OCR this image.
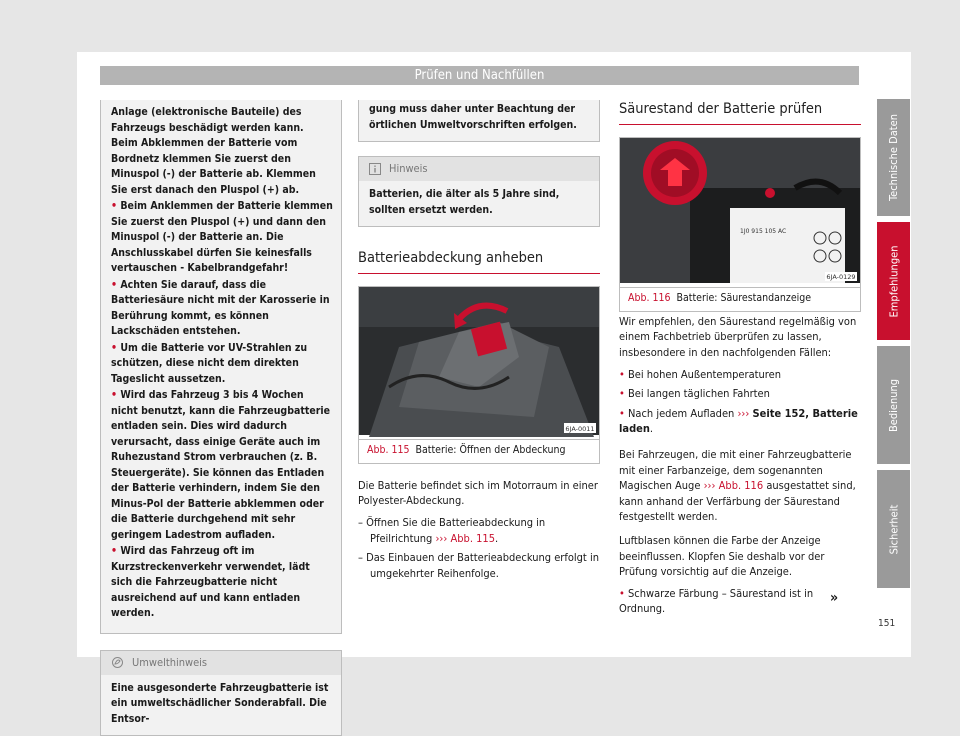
Prüfen und Nachfüllen

Anlage (elektronische Bauteile) des Fahrzeugs beschädigt werden kann. Beim Abklemmen der Batterie vom Bordnetz klemmen Sie zuerst den Minuspol (-) der Batterie ab. Klemmen Sie erst danach den Pluspol (+) ab.

• Beim Anklemmen der Batterie klemmen Sie zuerst den Pluspol (+) und dann den Minuspol (-) der Batterie an. Die Anschlusskabel dürfen Sie keinesfalls vertauschen - Kabelbrandgefahr!

• Achten Sie darauf, dass die Batteriesäure nicht mit der Karosserie in Berührung kommt, es können Lackschäden entstehen.

• Um die Batterie vor UV-Strahlen zu schützen, diese nicht dem direkten Tageslicht aussetzen.

• Wird das Fahrzeug 3 bis 4 Wochen nicht benutzt, kann die Fahrzeugbatterie entladen sein. Dies wird dadurch verursacht, dass einige Geräte auch im Ruhezustand Strom verbrauchen (z. B. Steuergeräte). Sie können das Entladen der Batterie verhindern, indem Sie den Minus-Pol der Batterie abklemmen oder die Batterie durchgehend mit sehr geringem Ladestrom aufladen.

• Wird das Fahrzeug oft im Kurzstreckenverkehr verwendet, lädt sich die Fahrzeugbatterie nicht ausreichend auf und kann entladen werden.

Umwelthinweis
Eine ausgesonderte Fahrzeugbatterie ist ein umweltschädlicher Sonderabfall. Die Entsor-
gung muss daher unter Beachtung der örtlichen Umweltvorschriften erfolgen.
Hinweis
Batterien, die älter als 5 Jahre sind, sollten ersetzt werden.
Batterieabdeckung anheben
6JA-0011
Abb. 115 Batterie: Öffnen der Abdeckung
Die Batterie befindet sich im Motorraum in einer Polyester-Abdeckung.
– Öffnen Sie die Batterieabdeckung in Pfeilrichtung ››› Abb. 115.
– Das Einbauen der Batterieabdeckung erfolgt in umgekehrter Reihenfolge.
Säurestand der Batterie prüfen
1J0 915 105 AC
6JA-0129
Abb. 116 Batterie: Säurestandanzeige
Wir empfehlen, den Säurestand regelmäßig von einem Fachbetrieb überprüfen zu lassen, insbesondere in den nachfolgenden Fällen:
• Bei hohen Außentemperaturen
• Bei langen täglichen Fahrten
• Nach jedem Aufladen ››› Seite 152, Batterie laden.
Bei Fahrzeugen, die mit einer Fahrzeugbatterie mit einer Farbanzeige, dem sogenannten Magischen Auge ››› Abb. 116 ausgestattet sind, kann anhand der Verfärbung der Säurestand festgestellt werden.
Luftblasen können die Farbe der Anzeige beeinflussen. Klopfen Sie deshalb vor der Prüfung vorsichtig auf die Anzeige.
• Schwarze Färbung – Säurestand ist in Ordnung.
»
Technische Daten
Empfehlungen
Bedienung
Sicherheit
151
